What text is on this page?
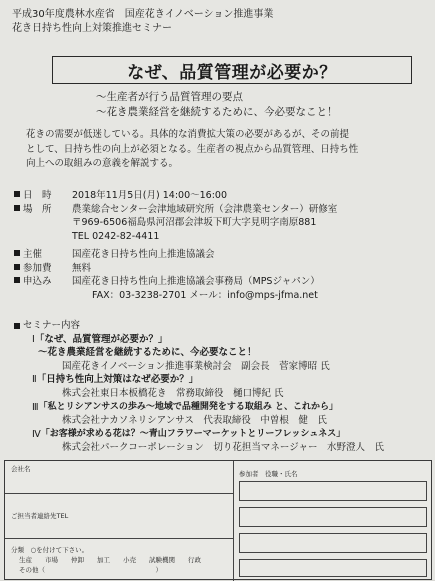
平成30年度農林水産省　国産花きイノベーション推進事業
花き日持ち性向上対策推進セミナー
なぜ、品質管理が必要か？
～生産者が行う品質管理の要点
～花き農業経営を継続するために、今必要なこと！
花きの需要が低迷している。具体的な消費拡大策の必要があるが、その前提
として、日持ち性の向上が必須となる。生産者の視点から品質管理、日持ち性
向上への取組みの意義を解説する。
日　時	2018年11月5日(月) 14:00～16:00
場　所	農業総合センター会津地域研究所（会津農業センター）研修室
〒969-6506福島県河沼郡会津坂下町大字見明字南原881
TEL 0242-82-4411
主催	国産花き日持ち性向上推進協議会
参加費	無料
申込み	国産花き日持ち性向上推進協議会事務局（MPSジャパン）
FAX：03-3238-2701 メール：info@mps-jfma.net
セミナー内容
Ⅰ 「なぜ、品質管理が必要か？」
～花き農業経営を継続するために、今必要なこと！
国産花きイノベーション推進事業検討会　副会長　菅家博昭 氏
Ⅱ 「日持ち性向上対策はなぜ必要か？」
株式会社東日本板橋花き　常務取締役　樋口博紀 氏
Ⅲ 「私とリシアンサスの歩み～地域で品種開発をする取組み と、これから」
株式会社ナカソネリシアンサス　代表取締役　中曽根　健　氏
Ⅳ 「お客様が求める花は？～青山フラワーマーケットとリーフレッシュネス」
株式会社パークコーポレーション　切り花担当マネージャー　水野澄人　氏
会社名
ご担当者連絡先TEL
分類　○を付けて下さい。
生産　　市場　　仲卸　　加工　　小売　　試験機関　　行政
その他（　　　　　　　　　　　　　　　　　）
参加者　役職・氏名
